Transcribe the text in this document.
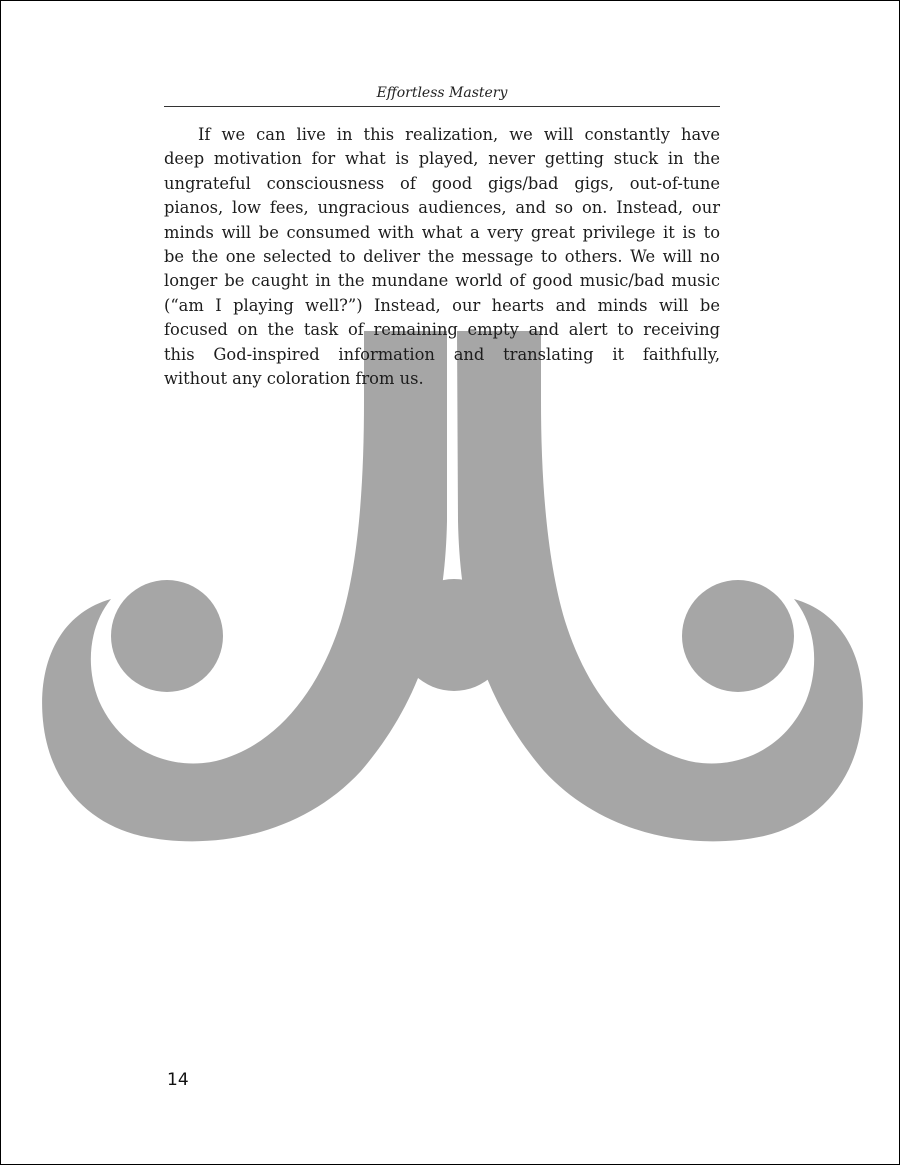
Effortless Mastery
If we can live in this realization, we will constantly have
deep motivation for what is played, never getting stuck in the
ungrateful consciousness of good gigs/bad gigs, out-of-tune
pianos, low fees, ungracious audiences, and so on. Instead, our
minds will be consumed with what a very great privilege it is to
be the one selected to deliver the message to others. We will no
longer be caught in the mundane world of good music/bad music
(“am I playing well?”) Instead, our hearts and minds will be
focused on the task of remaining empty and alert to receiving
this God-inspired information and translating it faithfully,
without any coloration from us.
14
